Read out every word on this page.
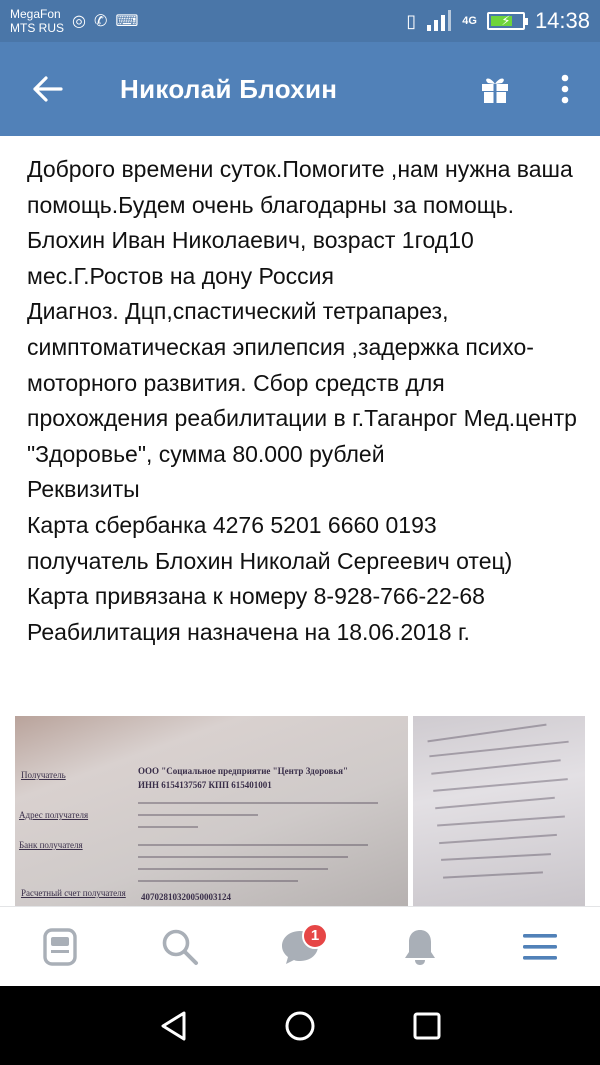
MegaFon
MTS RUS ◎ ✆ ⌨	▯	4G ⚡ 14:38
Николай Блохин
Доброго времени суток.Помогите ,нам нужна ваша помощь.Будем очень благодарны за помощь.
Блохин Иван Николаевич, возраст 1год10 мес.Г.Ростов на дону Россия
Диагноз. Дцп,спастический тетрапарез, симптоматическая эпилепсия ,задержка психо-моторного развития. Сбор средств для прохождения реабилитации в г.Таганрог Мед.центр "Здоровье", сумма 80.000 рублей
Реквизиты
Карта сбербанка 4276 5201 6660 0193
получатель Блохин Николай Сергеевич отец)
Карта привязана к номеру 8-928-766-22-68
Реабилитация назначена на 18.06.2018 г.
Получатель	ООО "Социальное предприятие "Центр Здоровья"
ИНН 6154137567 КПП 615401001
Адрес получателя
Банк получателя
Расчетный счет получателя 40702810320050003124
1
